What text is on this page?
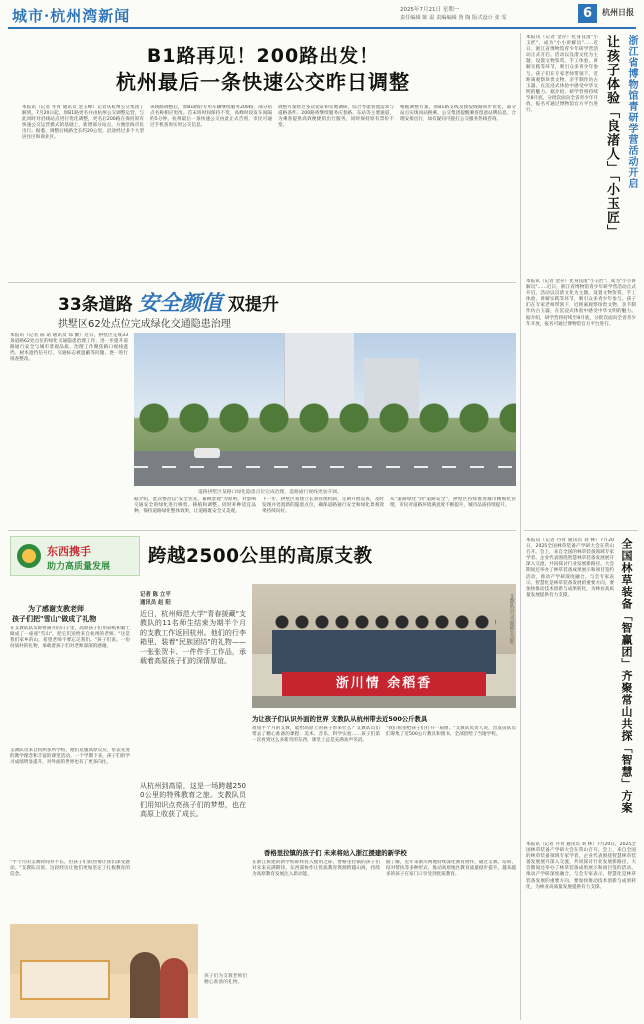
城市·杭州湾新闻	2025年7月21日 星期一
责任编辑 陈 温 责编编辑 鲁 陶 版式设计 张 雯	6	杭州日报
B1路再见！200路出发！
杭州最后一条快速公交昨日调整
本报讯（记者 冬青 通讯员 金玉峰）记者从杭州公交集团了解到，7月20日起，原B1路更名并由杭州公交调整运营，与此同时对沿线站点进行优化调整，更名后200路在保持原有快速公交运营模式的基础上，新增部分站点，方便沿线市民出行。据悉，调整后线路全长约20公里，沿途经过多个大型居住区和商业区。
该线路调整后，原B1路的专用车辆继续服务200路，部分站点名称相应更改。首末班时间保持不变，高峰时段发车间隔约5分钟。杭州最后一条快速公交由此正式告别，市民可通过手机查询实时公交信息。
调整方案经过多次论证和实地调研，综合考虑客流需求与道路条件。200路将继续服务庆春路、东站等主要通道，为乘客提供高效便捷的出行服务，同时保持原有票价不变。
根据调整方案，原B1路支线及接驳线路同步优化，部分站点实现同站换乘。公交集团提醒乘客留意站牌信息，合理安排出行，如有疑问可拨打公交服务热线咨询。
33条道路 安全颜值 双提升
拱墅区62处点位完成绿化交通隐患治理
本报讯（记者 陈 诺 通讯员 郑 勤）近日，拱墅区完成33条道路62处点位的绿化交通隐患治理工作，进一步提升道路通行安全与城市景观品质。治理工作聚焦路口视线遮挡、树木遮挡信号灯、交通标志被遮蔽等问题，逐一进行排查整改。
道路拱墅区某路口绿化隐患点位完成治理，道路通行视线更加开阔。
据介绍，此次整治以"安全优先、兼顾景观"为原则，对影响交通安全的绿化进行修剪、移植和调整。同时补种适宜品种，保持道路绿化整体效果，让道路既安全又美观。
下一步，拱墅区将建立长效管理机制，定期开展巡查，及时发现并处置新的隐患点位，确保道路通行安全和绿化景观效果持续向好。
从"道路绿化"到"道路安全"，拱墅区持续推进城市精细化管理，市民对道路环境满意度不断提升，城市品质持续提升。
东西携手
助力高质量发展 跨越2500公里的高原支教
为了感谢支教老师
孩子们把"雪山"做成了礼物
在支教队队员即将离开的日子里，高原孩子们用彩纸和黏土做成了一座座"雪山"，把它们送给来自杭州的老师。"这是我们家乡的山，希望老师不要忘记我们。"孩子们说。一份份质朴的礼物，承载着孩子们对老师深深的感谢。
支教队员来自杭州多所学校，他们克服高原反应，带去先进的教学理念和丰富的课堂活动。一个学期下来，孩子们的学习成绩明显提升，对外面的世界也有了更多向往。
"半个月的支教时间并不长，但孩子们的热情让我们深受感动。"支教队员说，这段经历让他们更加坚定了扎根教育的信念。
孩子们为支教老师们精心准备的礼物。
记者 陈 立平
通讯员 赵 阳
近日，杭州师范大学"青春援藏"支教队的11名师生结束为期半个月的支教工作返回杭州。他们的行李箱里，装着"民族团结"的礼物——一张张贺卡、一件件手工作品，承载着高原孩子们的深情厚谊。
从杭州到高原，这是一场跨越2500公里的特殊教育之旅。支教队员们用知识点亮孩子们的梦想，也在高原上收获了成长。
浙川情 余稻香
支教队员与当地师生合影。
为让孩子们认识外面的世界 支教队从杭州带去近500公斤教具
短短半个月的支教，能给高原上的孩子带来什么？支教队员们带去了精心准备的课程：美术、音乐、科学实验……孩子们第一次看到这么多新奇的东西，课堂上总是充满欢声笑语。
"我们希望给孩子们打开一扇窗。"支教队负责人说，出发前队员们筹集了近500公斤教具和图书，全部留给了当地学校。
香格里拉镇的孩子们 未来将站入浙江援建的新学校
在浙江援建的新学校即将投入使用之际，香格里拉镇的孩子们对未来充满期待。东西部协作让优质教育资源跨越山海，持续为高原教育发展注入新动能。
据了解，近年来浙川两地持续深化教育协作，通过支教、培训、结对帮扶等多种形式，推动高原地区教育质量稳步提升，越来越多的孩子在家门口享受到优质教育。
浙江省博物馆青研学营活动开启
让孩子体验「良渚人」「小玉匠」
本报讯（记者 金存）化身良渚"小玉匠"，成为"小小讲解员"……近日，浙江省博物馆青少年研学营活动正式开启。活动以良渚文化为主题，设置文物鉴赏、手工体验、讲解实践等环节，吸引众多青少年参与。孩子们在专家老师带领下，近距离观察珍贵文物，亲手制作仿古玉器，在沉浸式体验中感受中华文明的魅力。据介绍，研学营将持续至8月底，分批次面向全省青少年开放，报名可通过博物馆官方平台进行。
本报讯（记者 金存）化身良渚"小玉匠"，成为"小小讲解员"……近日，浙江省博物馆青少年研学营活动正式开启。活动以良渚文化为主题，设置文物鉴赏、手工体验、讲解实践等环节，吸引众多青少年参与。孩子们在专家老师带领下，近距离观察珍贵文物，亲手制作仿古玉器，在沉浸式体验中感受中华文明的魅力。据介绍，研学营将持续至8月底，分批次面向全省青少年开放，报名可通过博物馆官方平台进行。
全国林草装备「智赢团」齐聚常山共探「智慧」方案
本报讯（记者 丹青 通讯员 刘 林）7月20日，2025全国林草装备产学研大会在常山召开。会上，来自全国的林草装备领域专家学者、企业代表围绕智慧林草装备发展展开深入交流，共同探讨行业发展新路径。大会期间还举办了林草装备成果展示和项目签约活动，推动产学研深度融合。与会专家表示，智慧化是林草装备发展的重要方向，要加快推动技术创新与成果转化，为林业高质量发展提供有力支撑。
本报讯（记者 丹青 通讯员 刘 林）7月20日，2025全国林草装备产学研大会在常山召开。会上，来自全国的林草装备领域专家学者、企业代表围绕智慧林草装备发展展开深入交流，共同探讨行业发展新路径。大会期间还举办了林草装备成果展示和项目签约活动，推动产学研深度融合。与会专家表示，智慧化是林草装备发展的重要方向，要加快推动技术创新与成果转化，为林业高质量发展提供有力支撑。
